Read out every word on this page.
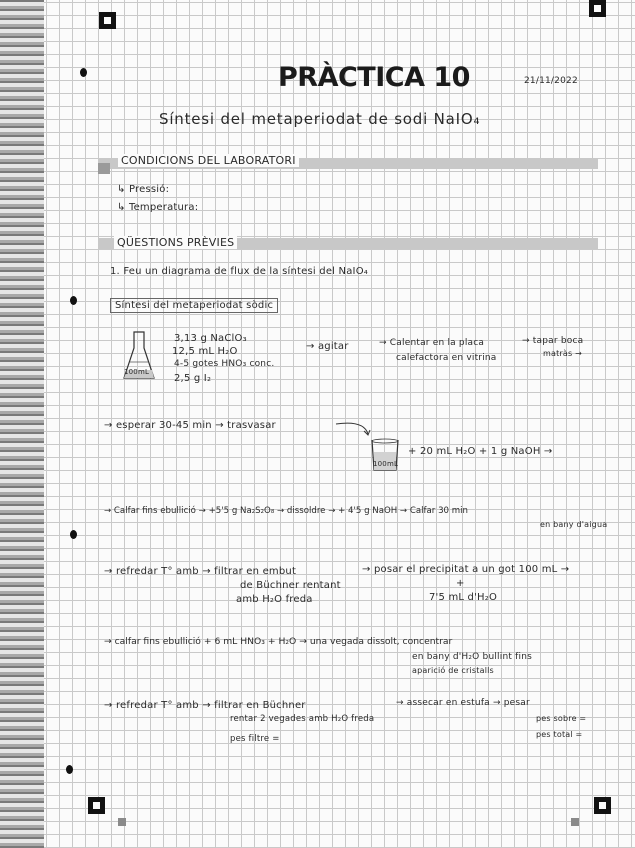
PRÀCTICA 10	21/11/2022
Síntesi del metaperiodat de sodi NaIO₄
CONDICIONS DEL LABORATORI
↳ Pressió:
↳ Temperatura:
QÜESTIONS PRÈVIES
1. Feu un diagrama de flux de la síntesi del NaIO₄
Síntesi del metaperiodat sòdic
100mL
3,13 g NaClO₃
12,5 mL H₂O
4-5 gotes HNO₃ conc.
2,5 g I₂
→ agitar	→ Calentar en la placa
calefactora en vitrina
→ tapar boca
matràs →
→ esperar 30-45 min → trasvasar
100mL
+ 20 mL H₂O + 1 g NaOH →
→ Calfar fins ebullició → +5'5 g Na₂S₂O₈ → dissoldre → + 4'5 g NaOH → Calfar 30 min
en bany d'aigua
→ refredar T° amb → filtrar en embut
de Büchner rentant
amb H₂O freda
→ posar el precipitat a un got 100 mL →
+
7'5 mL d'H₂O
→ calfar fins ebullició + 6 mL HNO₃ + H₂O → una vegada dissolt, concentrar
en bany d'H₂O bullint fins
aparició de cristalls
→ refredar T° amb → filtrar en Büchner
rentar 2 vegades amb H₂O freda
pes filtre =
→ assecar en estufa → pesar
pes sobre =
pes total =
